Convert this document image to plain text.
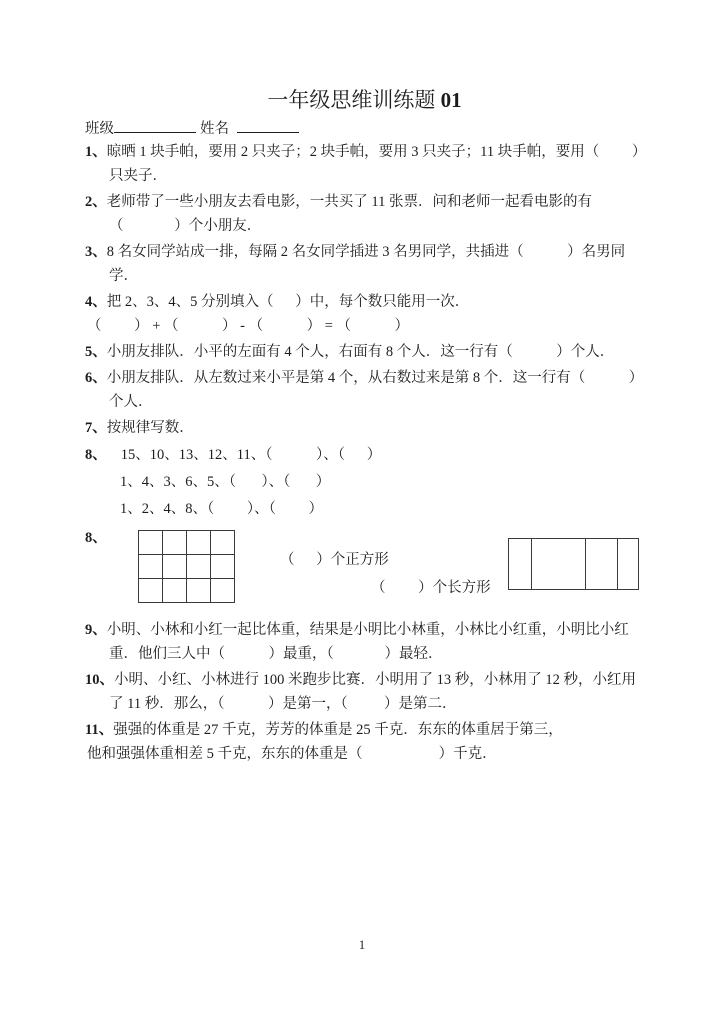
一年级思维训练题 01
班级	姓名
1、晾晒 1 块手帕，要用 2 只夹子；2 块手帕，要用 3 只夹子；11 块手帕，要用（         ）
只夹子．
2、老师带了一些小朋友去看电影，一共买了 11 张票．问和老师一起看电影的有
（              ）个小朋友．
3、8 名女同学站成一排，每隔 2 名女同学插进 3 名男同学，共插进（            ）名男同
学．
4、把 2、3、4、5 分别填入（      ）中，每个数只能用一次．
（         ） + （            ） - （            ） = （            ）
5、小朋友排队．小平的左面有 4 个人，右面有 8 个人．这一行有（            ）个人．
6、小朋友排队．从左数过来小平是第 4 个，从右数过来是第 8 个．这一行有（            ）
个人．
7、按规律写数．
8、 15、10、13、12、11、（            ）、（      ）
1、4、3、6、5、（       ）、（       ）
1、2、4、8、（         ）、（         ）
8、
（      ）个正方形
（         ）个长方形
9、小明、小林和小红一起比体重，结果是小明比小林重，小林比小红重，小明比小红
重．他们三人中（            ）最重，（              ）最轻．
10、小明、小红、小林进行 100 米跑步比赛．小明用了 13 秒，小林用了 12 秒，小红用
了 11 秒．那么，（            ）是第一，（          ）是第二．
11、强强的体重是 27 千克，芳芳的体重是 25 千克．东东的体重居于第三，
他和强强体重相差 5 千克，东东的体重是（                     ）千克．
1
